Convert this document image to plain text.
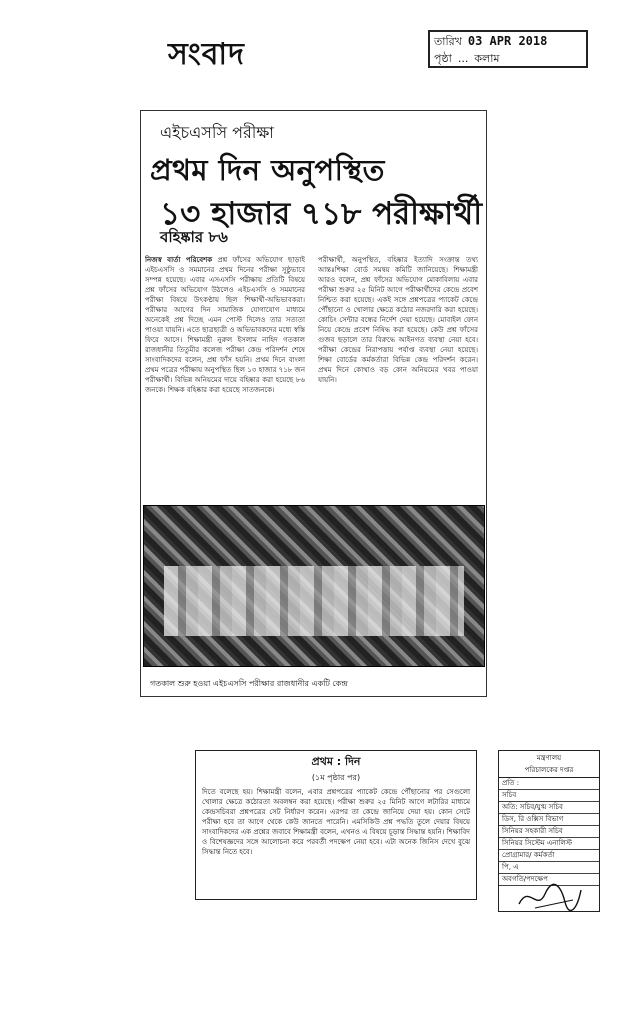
সংবাদ	তারিখ 03 APR 2018
পৃষ্ঠা ... কলাম
এইচএসসি পরীক্ষা
প্রথম দিন অনুপস্থিত
১৩ হাজার ৭১৮ পরীক্ষার্থী
বহিষ্কার ৮৬
নিজস্ব বার্তা পরিবেশক প্রশ্ন ফাঁসের অভিযোগ ছাড়াই এইচএসসি ও সমমানের প্রথম দিনের পরীক্ষা সুষ্ঠুভাবে সম্পন্ন হয়েছে। এবার এসএসসি পরীক্ষায় প্রতিটি বিষয়ে প্রশ্ন ফাঁসের অভিযোগ উঠলেও এইচএসসি ও সমমানের পরীক্ষা বিষয়ে উৎকণ্ঠায় ছিল শিক্ষার্থী-অভিভাবকরা। পরীক্ষার আগের দিন সামাজিক যোগাযোগ মাধ্যমে অনেকেই প্রশ্ন দিচ্ছে এমন পোস্ট দিলেও তার সত্যতা পাওয়া যায়নি। এতে ছাত্রছাত্রী ও অভিভাবকদের মধ্যে স্বস্তি ফিরে আসে। শিক্ষামন্ত্রী নুরুল ইসলাম নাহিদ গতকাল রাজধানীর তিতুমীর কলেজ পরীক্ষা কেন্দ্র পরিদর্শন শেষে সাংবাদিকদের বলেন, প্রশ্ন ফাঁস হয়নি। প্রথম দিনে বাংলা প্রথম পত্রের পরীক্ষায় অনুপস্থিত ছিল ১৩ হাজার ৭১৮ জন পরীক্ষার্থী। বিভিন্ন অনিয়মের দায়ে বহিষ্কার করা হয়েছে ৮৬ জনকে। শিক্ষক বহিষ্কার করা হয়েছে সাতজনকে।
পরীক্ষার্থী, অনুপস্থিত, বহিষ্কার ইত্যাদি সংক্রান্ত তথ্য আন্তঃশিক্ষা বোর্ড সমন্বয় কমিটি জানিয়েছে। শিক্ষামন্ত্রী আরও বলেন, প্রশ্ন ফাঁসের অভিযোগ মোকাবিলায় এবার পরীক্ষা শুরুর ২৫ মিনিট আগে পরীক্ষার্থীদের কেন্দ্রে প্রবেশ নিশ্চিত করা হয়েছে। একই সঙ্গে প্রশ্নপত্রের প্যাকেট কেন্দ্রে পৌঁছানো ও খোলার ক্ষেত্রে কঠোর নজরদারি করা হয়েছে। কোচিং সেন্টার বন্ধের নির্দেশ দেয়া হয়েছে। মোবাইল ফোন নিয়ে কেন্দ্রে প্রবেশ নিষিদ্ধ করা হয়েছে। কেউ প্রশ্ন ফাঁসের গুজব ছড়ালে তার বিরুদ্ধে আইনগত ব্যবস্থা নেয়া হবে। পরীক্ষা কেন্দ্রের নিরাপত্তায় পর্যাপ্ত ব্যবস্থা নেয়া হয়েছে। শিক্ষা বোর্ডের কর্মকর্তারা বিভিন্ন কেন্দ্র পরিদর্শন করেন। প্রথম দিনে কোথাও বড় কোন অনিয়মের খবর পাওয়া যায়নি।
গতকাল শুরু হওয়া এইচএসসি পরীক্ষার রাজধানীর একটি কেন্দ্র
প্রথম : দিন
(১ম পৃষ্ঠার পর)
দিতে বলেছে হয়। শিক্ষামন্ত্রী বলেন, এবার প্রশ্নপত্রের প্যাকেট কেন্দ্রে পৌঁছানোর পর সেগুলো খোলার ক্ষেত্রে কঠোরতা অবলম্বন করা হয়েছে। পরীক্ষা শুরুর ২৫ মিনিট আগে লটারির মাধ্যমে কেন্দ্রসচিবরা প্রশ্নপত্রের সেট নির্ধারণ করেন। এরপর তা কেন্দ্রে জানিয়ে দেয়া হয়। কোন সেটে পরীক্ষা হবে তা আগে থেকে কেউ জানতে পারেনি। এমসিকিউ প্রশ্ন পদ্ধতি তুলে দেয়ার বিষয়ে সাংবাদিকদের এক প্রশ্নের জবাবে শিক্ষামন্ত্রী বলেন, এখনও এ বিষয়ে চূড়ান্ত সিদ্ধান্ত হয়নি। শিক্ষাবিদ ও বিশেষজ্ঞদের সঙ্গে আলোচনা করে পরবর্তী পদক্ষেপ নেয়া হবে। এটা অনেক জিনিস দেখে বুঝে সিদ্ধান্ত নিতে হবে।
মন্ত্রণালয়
পরিচালকের দপ্তর
প্রতি :
সচিব
অতি: সচিব/যুগ্ম সচিব
ডিস, রি ওক্সিস বিভাগ
সিনিয়র সহকারী সচিব
সিনিয়র সিস্টেম এনালিস্ট
প্রোগ্রামার/ কর্মকর্তা
পি, এ
অবগতি/পদক্ষেপ
